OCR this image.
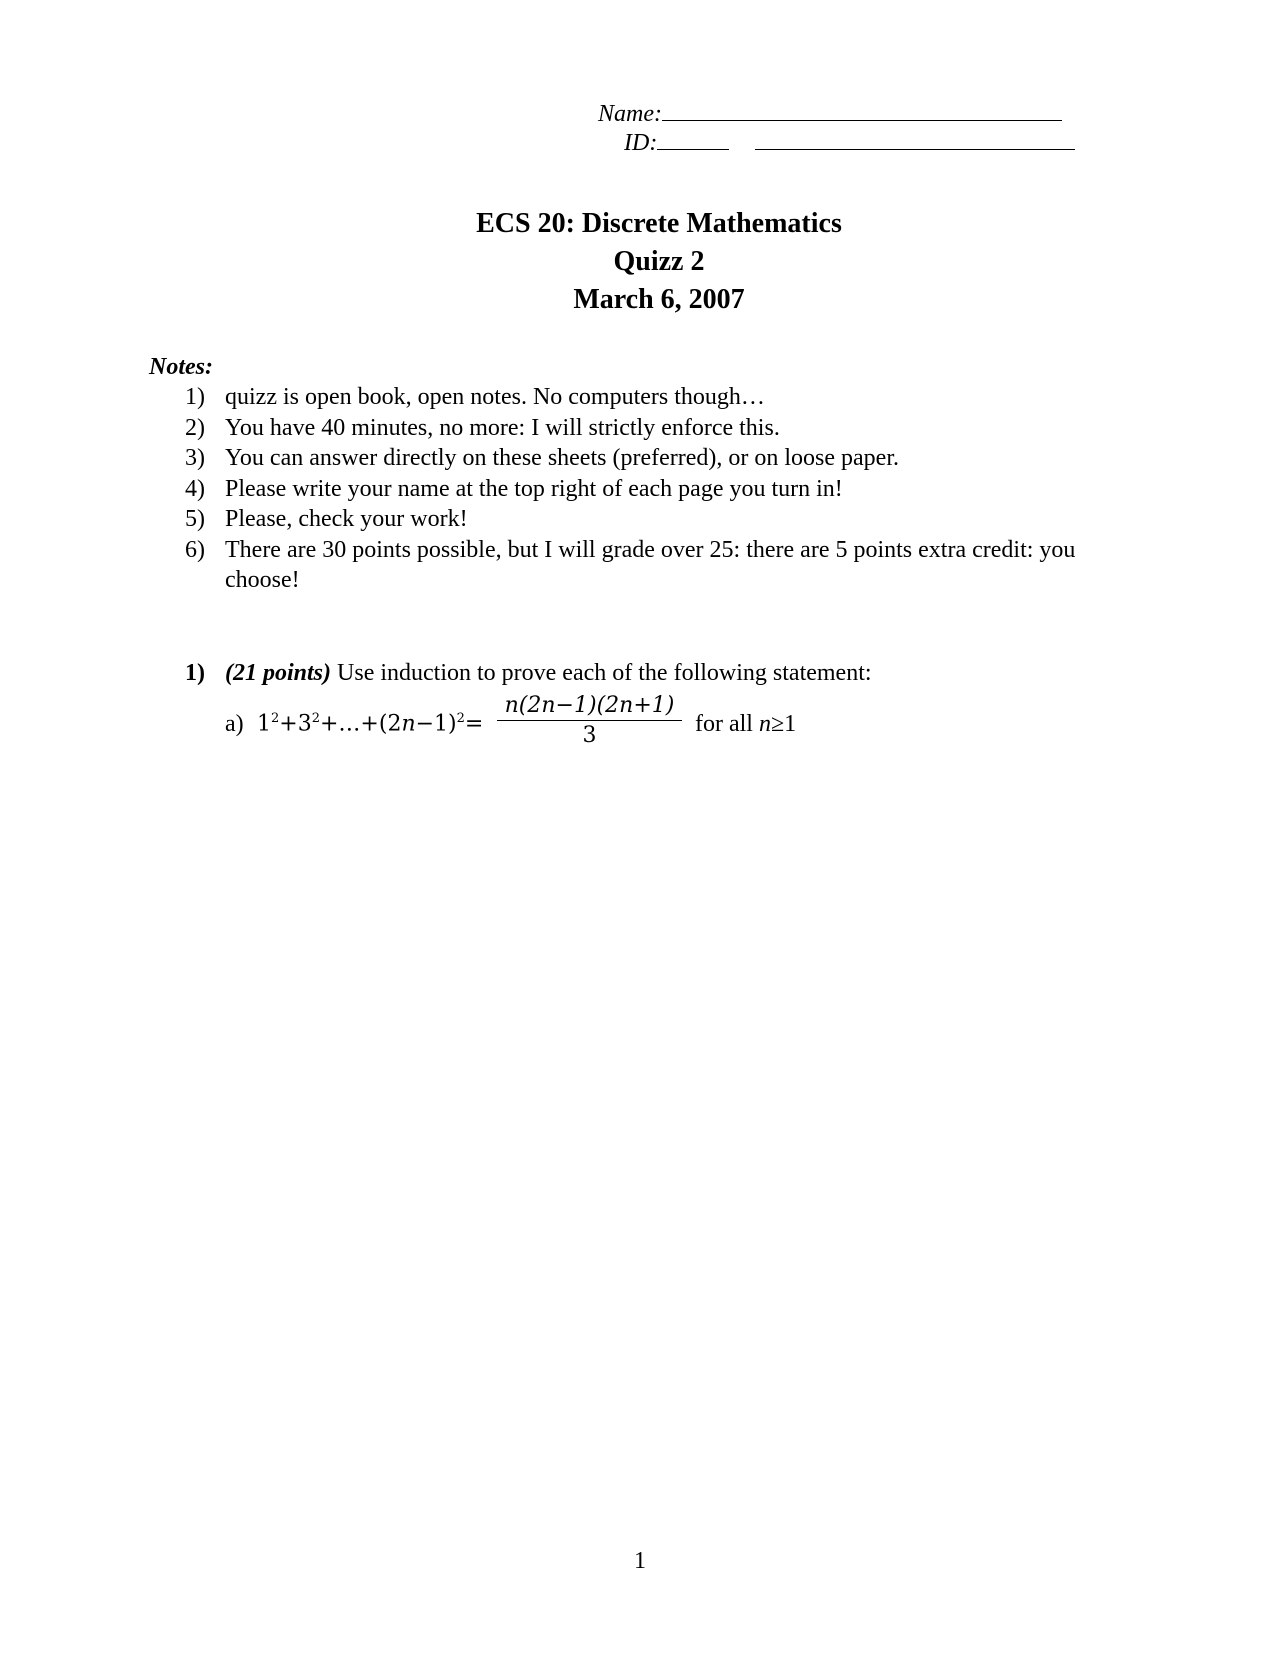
Name:
ID:
ECS 20: Discrete Mathematics
Quizz 2
March 6, 2007
Notes:
1) quizz is open book, open notes. No computers though…
2) You have 40 minutes, no more: I will strictly enforce this.
3) You can answer directly on these sheets (preferred), or on loose paper.
4) Please write your name at the top right of each page you turn in!
5) Please, check your work!
6) There are 30 points possible, but I will grade over 25: there are 5 points extra credit: you choose!
1) (21 points) Use induction to prove each of the following statement:
a) $1^2+3^2+\dots+(2n-1)^2= \frac{n(2n-1)(2n+1)}{3}$ for all n≥1
1
